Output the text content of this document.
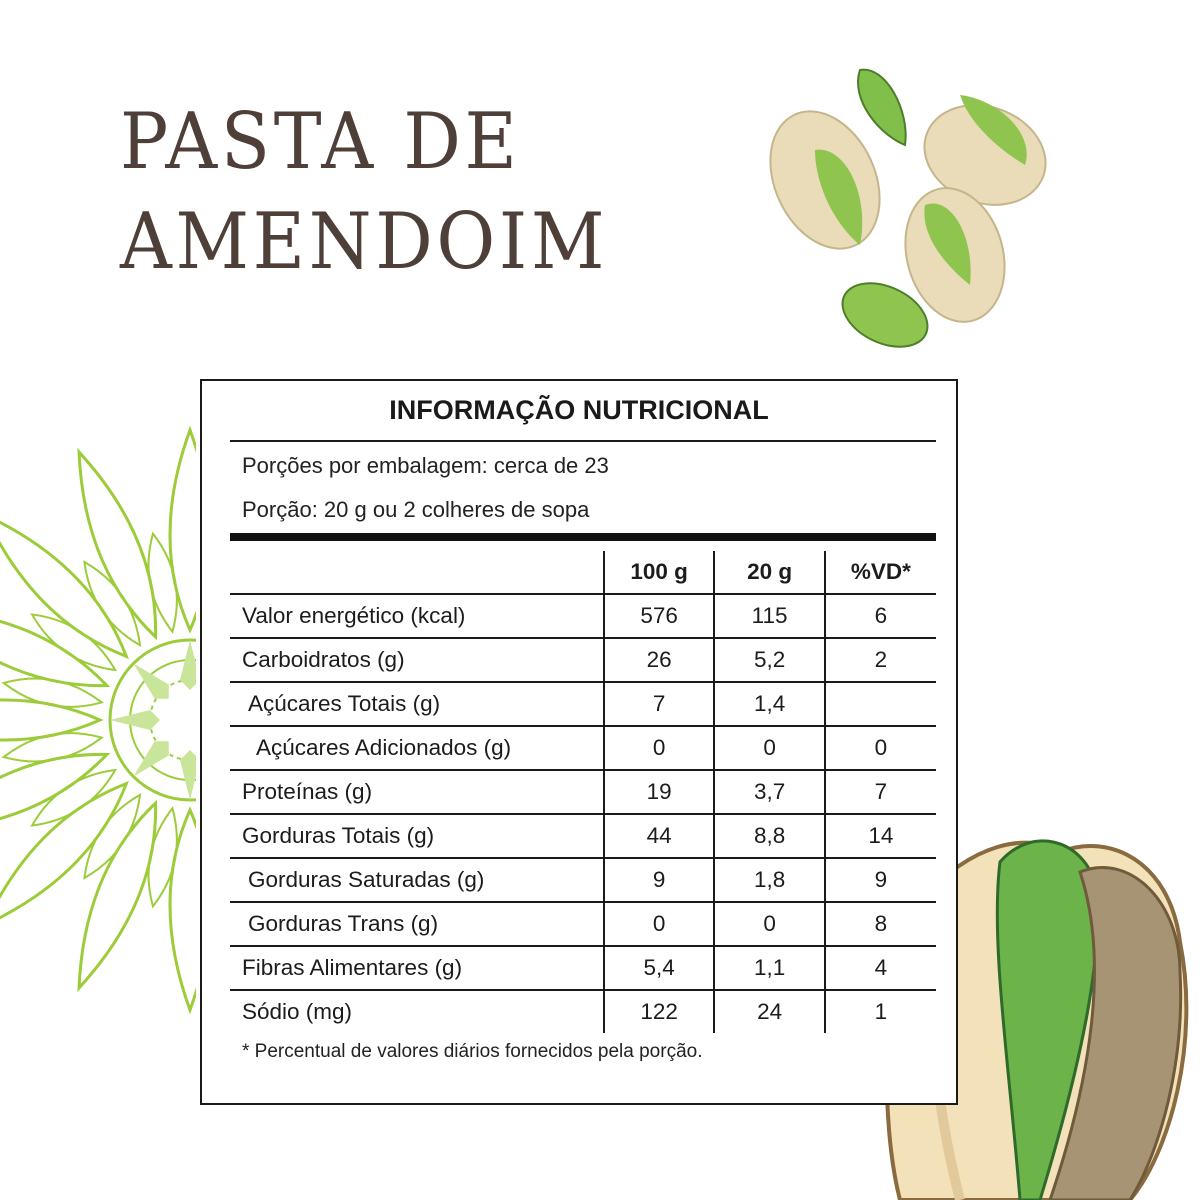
PASTA DE
AMENDOIM
INFORMAÇÃO NUTRICIONAL
Porções por embalagem: cerca de 23
Porção: 20 g ou 2 colheres de sopa
	100 g	20 g	%VD*
Valor energético (kcal)	576	115	6
Carboidratos (g)	26	5,2	2
Açúcares Totais (g)	7	1,4	
Açúcares Adicionados (g)	0	0	0
Proteínas (g)	19	3,7	7
Gorduras Totais (g)	44	8,8	14
Gorduras Saturadas (g)	9	1,8	9
Gorduras Trans (g)	0	0	8
Fibras Alimentares (g)	5,4	1,1	4
Sódio (mg)	122	24	1
* Percentual de valores diários fornecidos pela porção.
